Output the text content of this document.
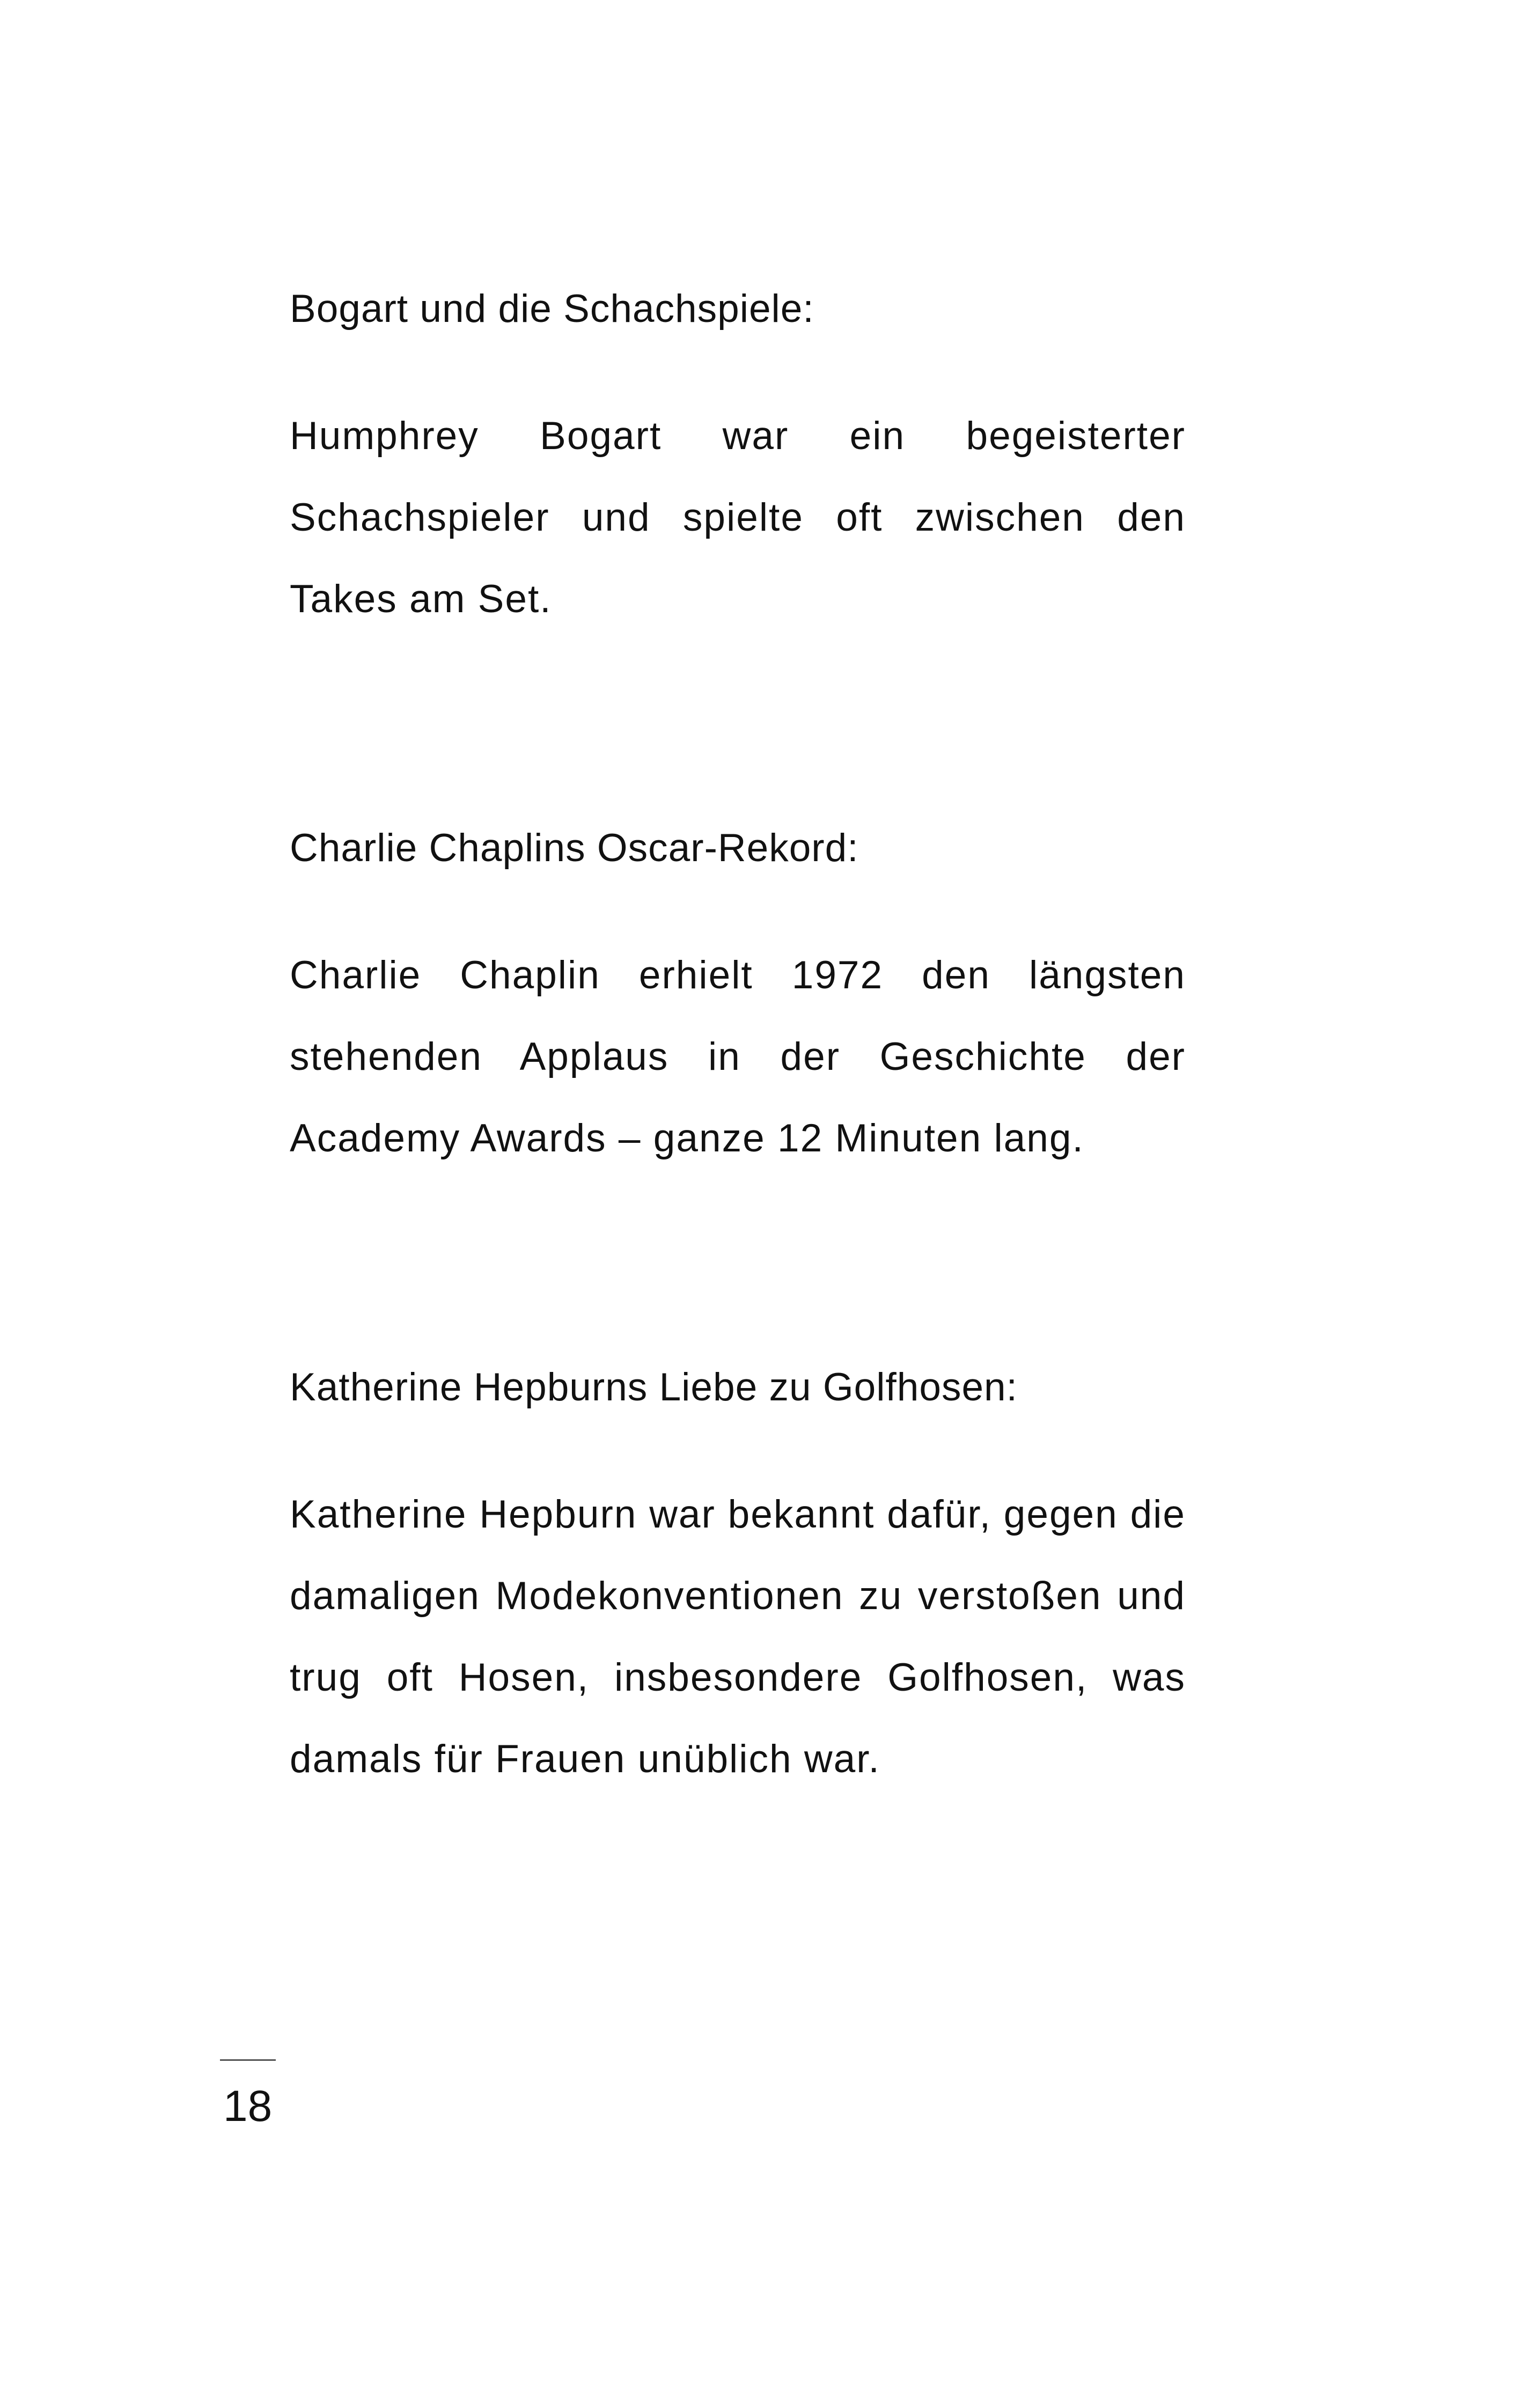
Bogart und die Schachspiele:

Humphrey Bogart war ein begeisterter Schachspieler und spielte oft zwischen den Takes am Set.

Charlie Chaplins Oscar-Rekord:

Charlie Chaplin erhielt 1972 den längsten stehenden Applaus in der Geschichte der Academy Awards – ganze 12 Minuten lang.

Katherine Hepburns Liebe zu Golfhosen:

Katherine Hepburn war bekannt dafür, gegen die damaligen Modekonventionen zu verstoßen und trug oft Hosen, insbesondere Golfhosen, was damals für Frauen unüblich war.

18
